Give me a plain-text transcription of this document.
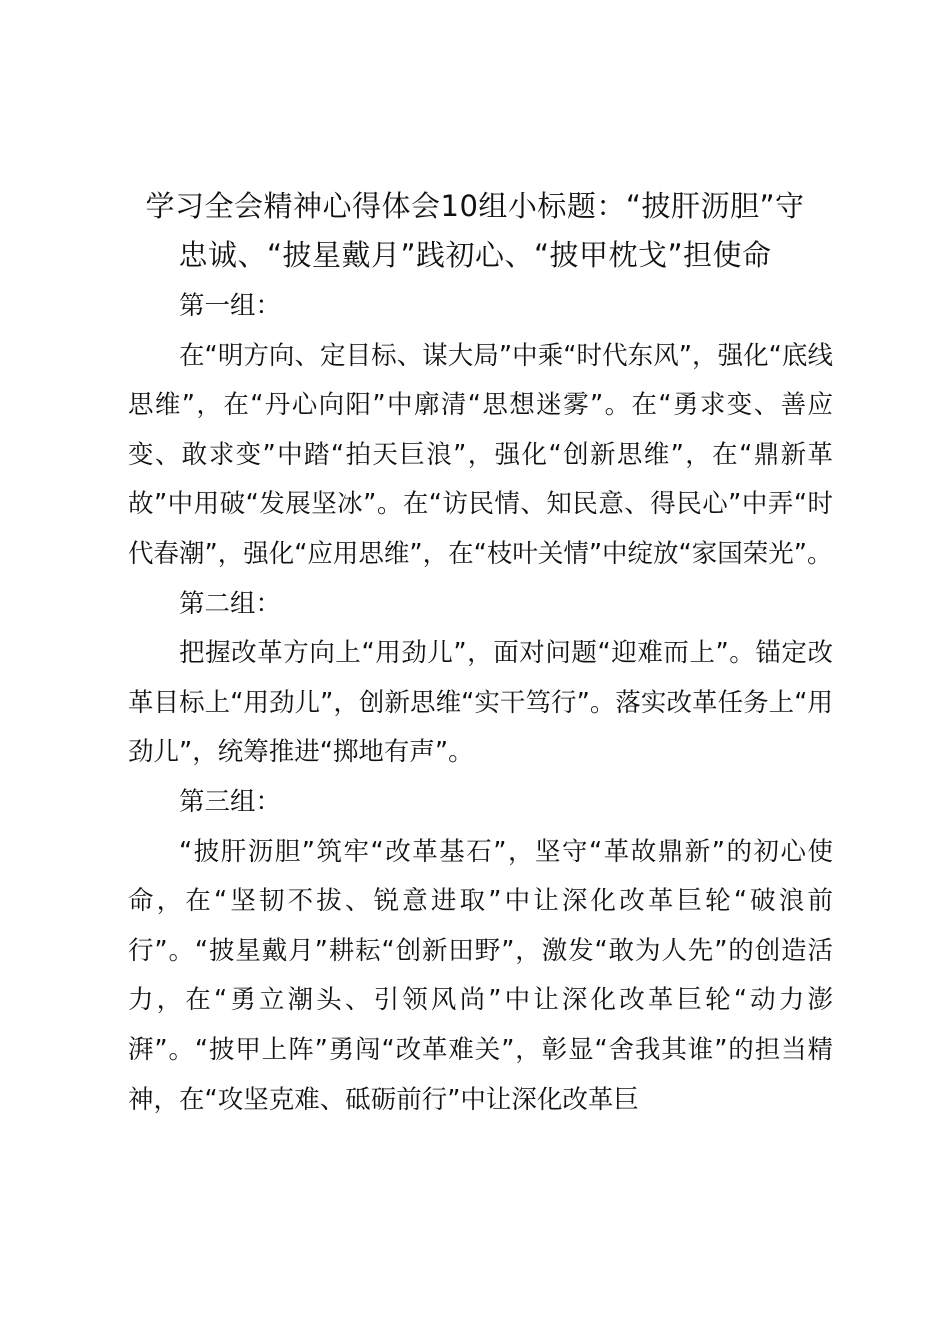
学习全会精神心得体会10组小标题：“披肝沥胆”守
忠诚、“披星戴月”践初心、“披甲枕戈”担使命

第一组：

在“明方向、定目标、谋大局”中乘“时代东风”，强化“底线思维”，在“丹心向阳”中廓清“思想迷雾”。在“勇求变、善应变、敢求变”中踏“拍天巨浪”，强化“创新思维”，在“鼎新革故”中用破“发展坚冰”。在“访民情、知民意、得民心”中弄“时代春潮”，强化“应用思维”，在“枝叶关情”中绽放“家国荣光”。

第二组：

把握改革方向上“用劲儿”，面对问题“迎难而上”。锚定改革目标上“用劲儿”，创新思维“实干笃行”。落实改革任务上“用劲儿”，统筹推进“掷地有声”。

第三组：

“披肝沥胆”筑牢“改革基石”，坚守“革故鼎新”的初心使命，在“坚韧不拔、锐意进取”中让深化改革巨轮“破浪前行”。“披星戴月”耕耘“创新田野”，激发“敢为人先”的创造活力，在“勇立潮头、引领风尚”中让深化改革巨轮“动力澎湃”。“披甲上阵”勇闯“改革难关”，彰显“舍我其谁”的担当精神，在“攻坚克难、砥砺前行”中让深化改革巨
